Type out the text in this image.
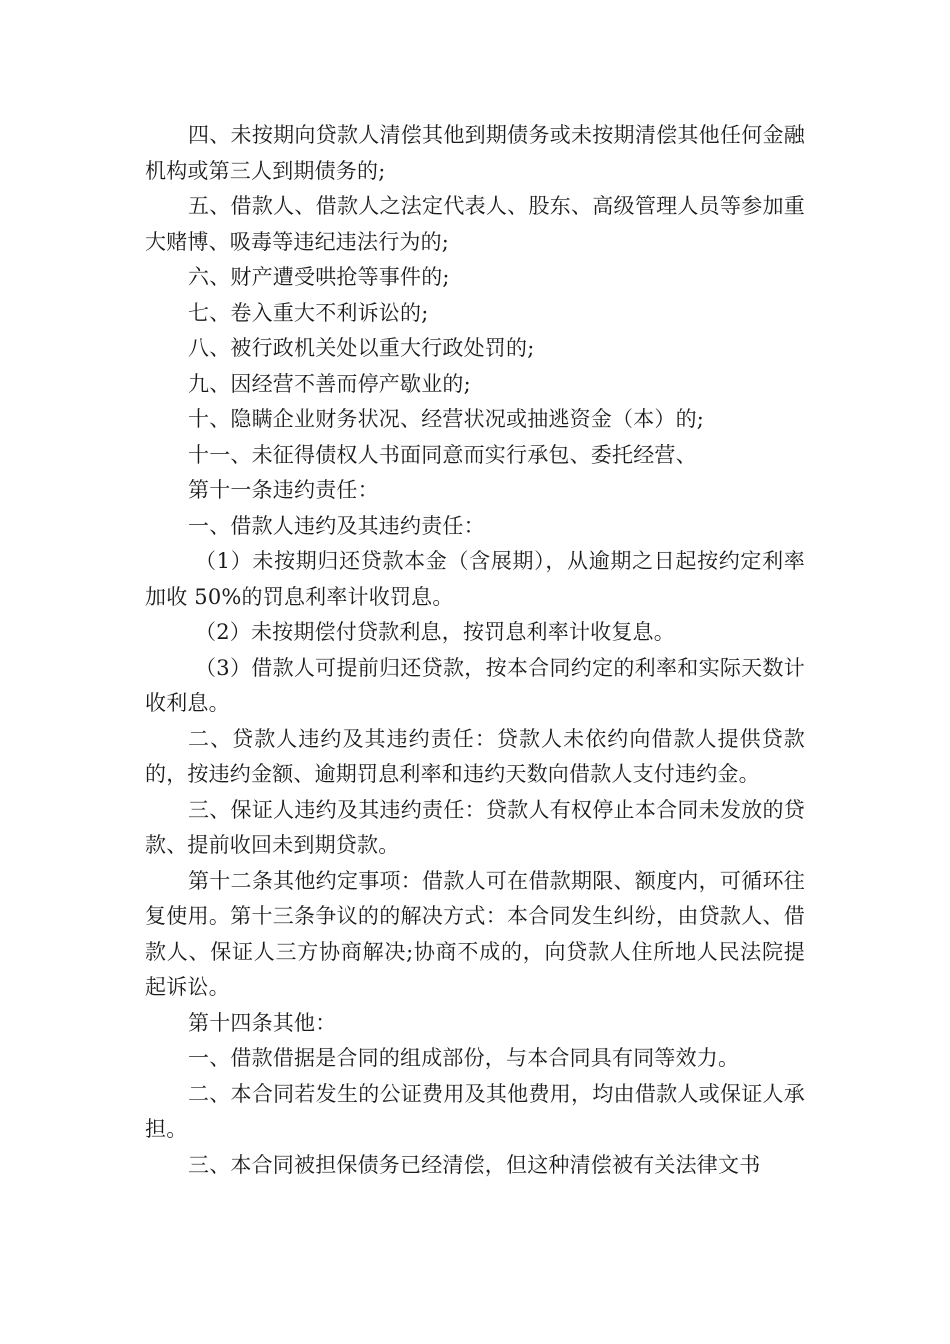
四、未按期向贷款人清偿其他到期债务或未按期清偿其他任何金融机构或第三人到期债务的;

五、借款人、借款人之法定代表人、股东、高级管理人员等参加重大赌博、吸毒等违纪违法行为的;

六、财产遭受哄抢等事件的;

七、卷入重大不利诉讼的;

八、被行政机关处以重大行政处罚的;

九、因经营不善而停产歇业的;

十、隐瞒企业财务状况、经营状况或抽逃资金（本）的;

十一、未征得债权人书面同意而实行承包、委托经营、

第十一条违约责任：

一、借款人违约及其违约责任：

（1）未按期归还贷款本金（含展期），从逾期之日起按约定利率加收 50%的罚息利率计收罚息。

（2）未按期偿付贷款利息，按罚息利率计收复息。

（3）借款人可提前归还贷款，按本合同约定的利率和实际天数计收利息。

二、贷款人违约及其违约责任：贷款人未依约向借款人提供贷款的，按违约金额、逾期罚息利率和违约天数向借款人支付违约金。

三、保证人违约及其违约责任：贷款人有权停止本合同未发放的贷款、提前收回未到期贷款。

第十二条其他约定事项：借款人可在借款期限、额度内，可循环往复使用。第十三条争议的的解决方式：本合同发生纠纷，由贷款人、借款人、保证人三方协商解决;协商不成的，向贷款人住所地人民法院提起诉讼。

第十四条其他：

一、借款借据是合同的组成部份，与本合同具有同等效力。

二、本合同若发生的公证费用及其他费用，均由借款人或保证人承担。

三、本合同被担保债务已经清偿，但这种清偿被有关法律文书
